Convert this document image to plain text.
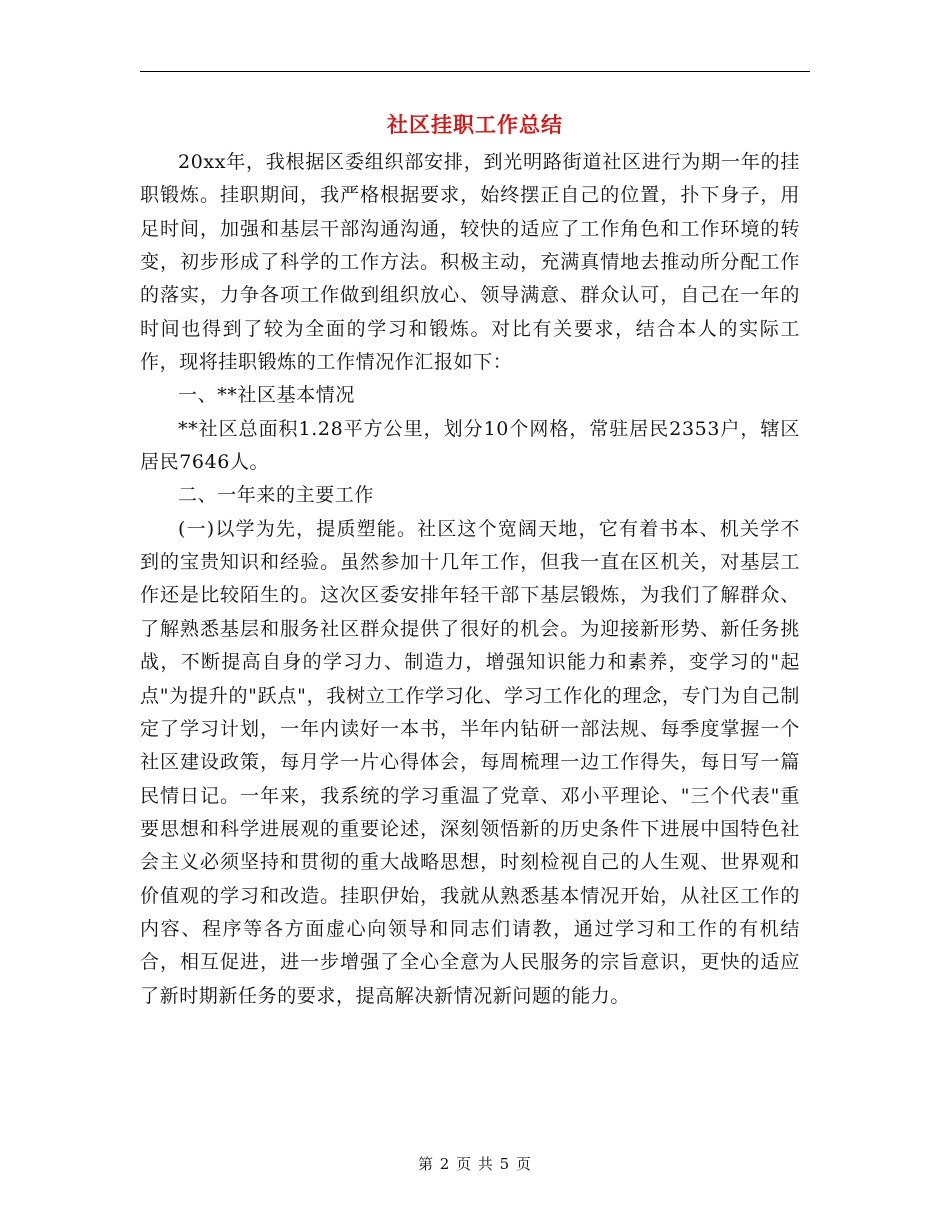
社区挂职工作总结

20xx年，我根据区委组织部安排，到光明路街道社区进行为期一年的挂职锻炼。挂职期间，我严格根据要求，始终摆正自己的位置，扑下身子，用足时间，加强和基层干部沟通沟通，较快的适应了工作角色和工作环境的转变，初步形成了科学的工作方法。积极主动，充满真情地去推动所分配工作的落实，力争各项工作做到组织放心、领导满意、群众认可，自己在一年的时间也得到了较为全面的学习和锻炼。对比有关要求，结合本人的实际工作，现将挂职锻炼的工作情况作汇报如下：

一、**社区基本情况

**社区总面积1.28平方公里，划分10个网格，常驻居民2353户，辖区居民7646人。

二、一年来的主要工作

(一)以学为先，提质塑能。社区这个宽阔天地，它有着书本、机关学不到的宝贵知识和经验。虽然参加十几年工作，但我一直在区机关，对基层工作还是比较陌生的。这次区委安排年轻干部下基层锻炼，为我们了解群众、了解熟悉基层和服务社区群众提供了很好的机会。为迎接新形势、新任务挑战，不断提高自身的学习力、制造力，增强知识能力和素养，变学习的"起点"为提升的"跃点"，我树立工作学习化、学习工作化的理念，专门为自己制定了学习计划，一年内读好一本书，半年内钻研一部法规、每季度掌握一个社区建设政策，每月学一片心得体会，每周梳理一边工作得失，每日写一篇民情日记。一年来，我系统的学习重温了党章、邓小平理论、"三个代表"重要思想和科学进展观的重要论述，深刻领悟新的历史条件下进展中国特色社会主义必须坚持和贯彻的重大战略思想，时刻检视自己的人生观、世界观和价值观的学习和改造。挂职伊始，我就从熟悉基本情况开始，从社区工作的内容、程序等各方面虚心向领导和同志们请教，通过学习和工作的有机结合，相互促进，进一步增强了全心全意为人民服务的宗旨意识，更快的适应了新时期新任务的要求，提高解决新情况新问题的能力。

第 2 页 共 5 页
